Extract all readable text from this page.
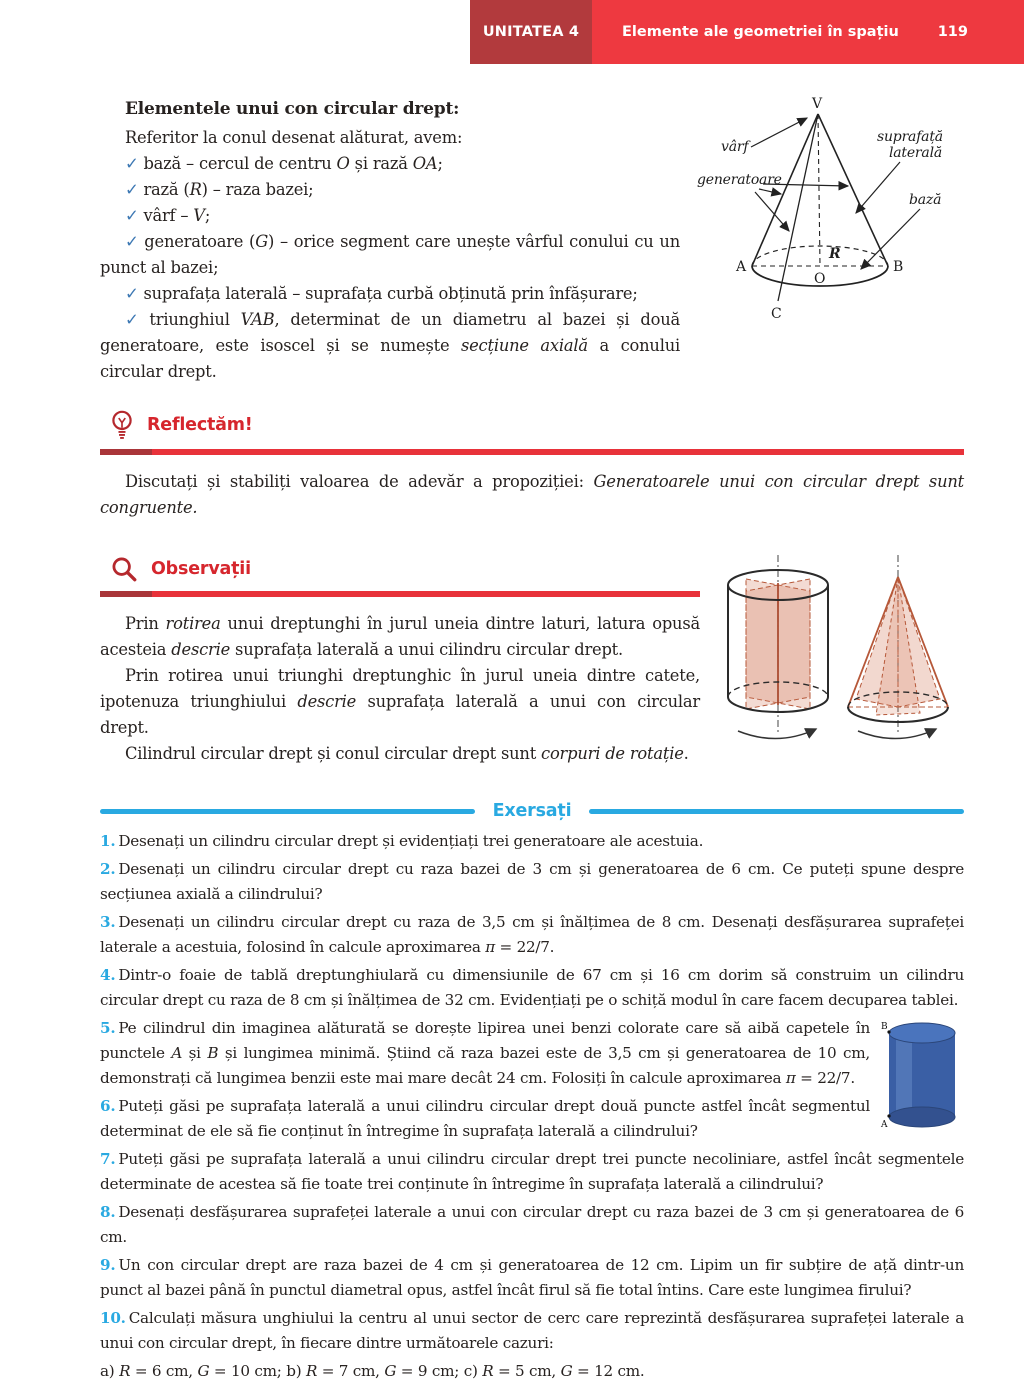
UNITATEA 4	Elemente ale geometriei în spațiu	119
vârf
generatoare
suprafață
laterală
bază
V
A	B
C
O
R
Elementele unui con circular drept:

Referitor la conul desenat alăturat, avem:

✓ bază – cercul de centru O și rază OA;

✓ rază (R) – raza bazei;

✓ vârf – V;

✓ generatoare (G) – orice segment care unește vârful conului cu un punct al bazei;

✓ suprafața laterală – suprafața curbă obținută prin înfășurare;

✓ triunghiul VAB, determinat de un diametru al bazei și două generatoare, este isoscel și se numește secțiune axială a conului circular drept.

Reflectăm!

Discutați și stabiliți valoarea de adevăr a propoziției: Generatoarele unui con circular drept sunt congruente.

Observații

Prin rotirea unui dreptunghi în jurul uneia dintre laturi, latura opusă acesteia descrie suprafața laterală a unui cilindru circular drept.

Prin rotirea unui triunghi dreptunghic în jurul uneia dintre catete, ipotenuza triunghiului descrie suprafața laterală a unui con circular drept.

Cilindrul circular drept și conul circular drept sunt corpuri de rotație.

Exersați

1. Desenați un cilindru circular drept și evidențiați trei generatoare ale acestuia.

2. Desenați un cilindru circular drept cu raza bazei de 3 cm și generatoarea de 6 cm. Ce puteți spune despre secțiunea axială a cilindrului?

3. Desenați un cilindru circular drept cu raza de 3,5 cm și înălțimea de 8 cm. Desenați desfășurarea suprafeței laterale a acestuia, folosind în calcule aproximarea π = 22/7.

4. Dintr-o foaie de tablă dreptunghiulară cu dimensiunile de 67 cm și 16 cm dorim să construim un cilindru circular drept cu raza de 8 cm și înălțimea de 32 cm. Evidențiați pe o schiță modul în care facem decuparea tablei.

B
A

5. Pe cilindrul din imaginea alăturată se dorește lipirea unei benzi colorate care să aibă capetele în punctele A și B și lungimea minimă. Știind că raza bazei este de 3,5 cm și generatoarea de 10 cm, demonstrați că lungimea benzii este mai mare decât 24 cm. Folosiți în calcule aproximarea π = 22/7.

6. Puteți găsi pe suprafața laterală a unui cilindru circular drept două puncte astfel încât segmentul determinat de ele să fie conținut în întregime în suprafața laterală a cilindrului?

7. Puteți găsi pe suprafața laterală a unui cilindru circular drept trei puncte necoliniare, astfel încât segmentele determinate de acestea să fie toate trei conținute în întregime în suprafața laterală a cilindrului?

8. Desenați desfășurarea suprafeței laterale a unui con circular drept cu raza bazei de 3 cm și generatoarea de 6 cm.

9. Un con circular drept are raza bazei de 4 cm și generatoarea de 12 cm. Lipim un fir subțire de ață dintr-un punct al bazei până în punctul diametral opus, astfel încât firul să fie total întins. Care este lungimea firului?

10. Calculați măsura unghiului la centru al unui sector de cerc care reprezintă desfășurarea suprafeței laterale a unui con circular drept, în fiecare dintre următoarele cazuri:

a) R = 6 cm, G = 10 cm; b) R = 7 cm, G = 9 cm; c) R = 5 cm, G = 12 cm.
